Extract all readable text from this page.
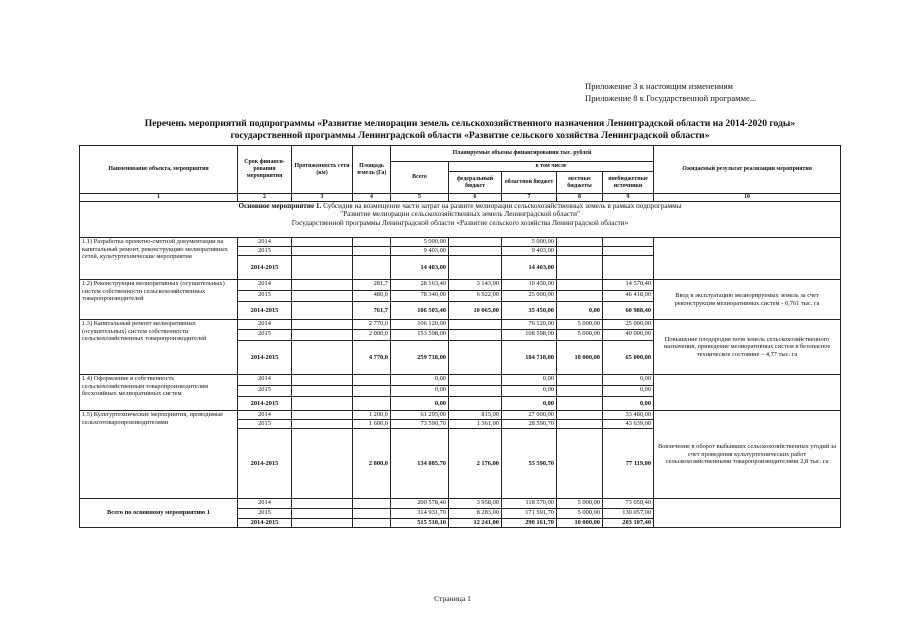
Приложение 3 к настоящим изменениям
Приложение 8 к Государственной программе...
Перечень мероприятий подпрограммы «Развитие мелиорации земель сельскохозяйственного назначения Ленинградской области на 2014-2020 годы»
государственной программы Ленинградской области «Развитие сельского хозяйства Ленинградской области»
Наименование объекта, мероприятия	Срок финанси-рования мероприятия	Протяженность сети (км)	Площадь земель (Га)	Планируемые объемы финансирования тыс. рублей					Ожидаемый результат реализации мероприятия
				Всего	в том числе				
					федеральный бюджет	областной бюджет	местные бюджеты	внебюджетные источники	
1	2	3	4	5	6	7	8	9	10

Основное мероприятие 1. Субсидия на возмещение части затрат на развите мелиорации сельскохозяйственных земель в рамках подпрограммы
"Развитие мелиорации сельскохозяйственных земель Ленинградской области"
Государственной программы Ленинградской области «Развитие сельского хозяйства Ленинградской области»									

1.1) Разработка проектно-сметной документации на капитальный ремонт, реконструкцию мелиоративных сетей, культуртехнические мероприятия	2014			5 000,00		5 000,00			
	2015			9 403,00		9 403,00			
	2014-2015			14 403,00		14 403,00			
1.2) Реконструкция мелиоративных (осушительных) систем собственности сельскохозяйственных товаропроизводителей	2014		281,7	28 163,40	3 143,00	10 450,00		14 570,40	Ввод в эксплуатацию мелиорируемых земель за счет реконструкция мелиоративных систем - 0,761 тыс. га
	2015		480,0	78 340,00	6 922,00	25 000,00		46 418,00	
	2014-2015		761,7	106 503,40	10 065,00	35 450,00	0,00	60 988,40	
1.3) Капитальный ремонт мелиоративных (осушительных) систем собственности сельскохозяйственных товаропроизводителей	2014		2 770,0	106 120,00		76 120,00	5 000,00	25 000,00	Повышение плодородия почв земель сельскохозяйственного назначения, приведение мелиоративных систем в безопасное техническое состояние – 4,77 тыс. га
	2015		2 000,0	153 598,00		108 598,00	5 000,00	40 000,00	
	2014-2015		4 770,0	259 718,00		184 718,00	10 000,00	65 000,00	
1.4) Оформление в собственность сельскохозяйственным товаропроизводителям бесхозяйных мелиоративных систем	2014			0,00		0,00		0,00	
	2015			0,00		0,00		0,00	
	2014-2015			0,00		0,00		0,00	
1.5) Культуртехнические мероприятия, проводимые сельхозтоваропроизводителями	2014		1 200,0	61 295,00	815,00	27 000,00		33 480,00	Вовлечение в оборот выбывших сельскохозяйственных угодий за счет проведения культуртехнических работ сельскохозяйственными товаропроизводителями 2,8 тыс. га
	2015		1 600,0	73 590,70	1 361,00	28 590,70		43 639,00	
	2014-2015		2 800,0	134 885,70	2 176,00	55 590,70		77 119,00	
Всего по основному мероприятию 1	2014			200 578,40	3 958,00	118 570,00	5 000,00	73 050,40	
	2015			314 931,70	8 283,00	171 591,70	5 000,00	130 057,00	
	2014-2015			515 510,10	12 241,00	290 161,70	10 000,00	203 107,40	
Страница 1
